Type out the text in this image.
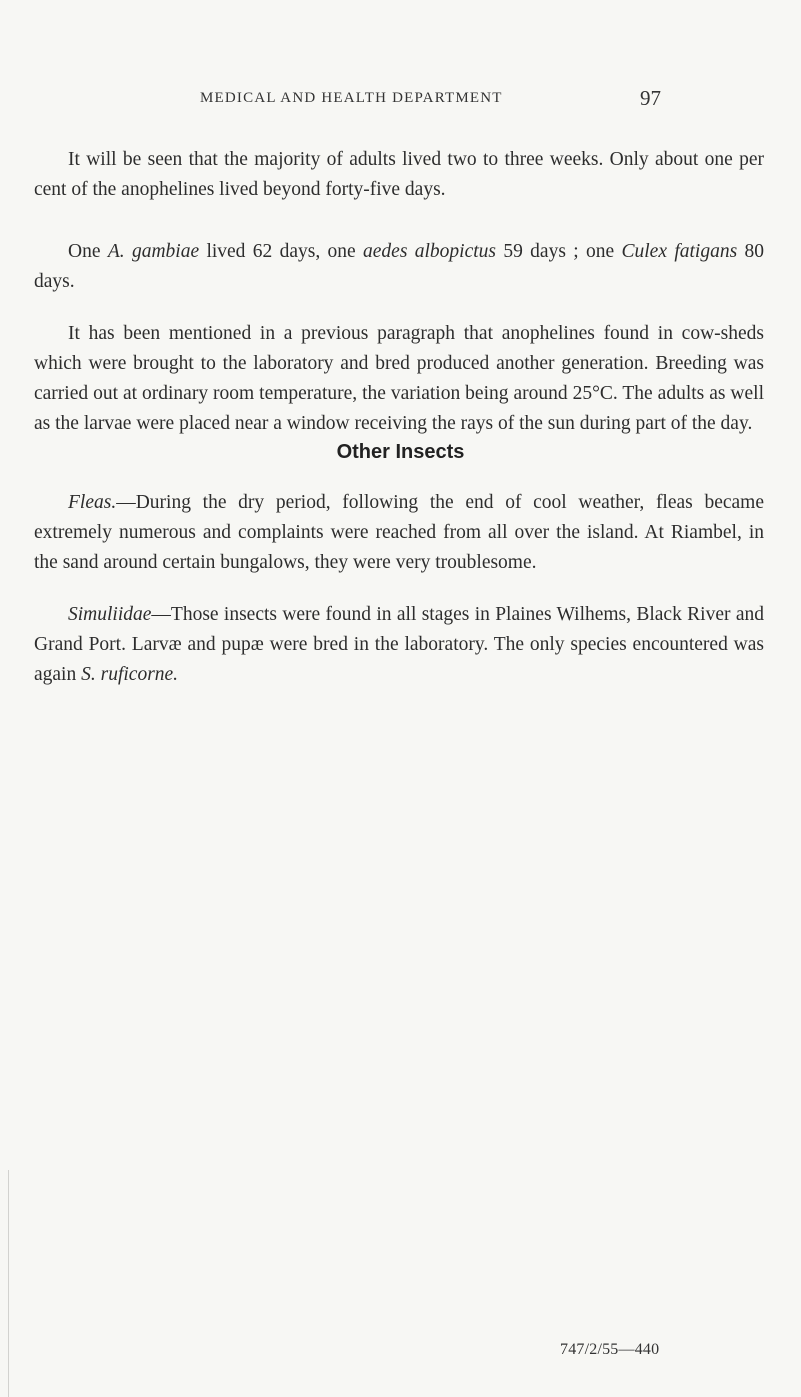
MEDICAL AND HEALTH DEPARTMENT	97

It will be seen that the majority of adults lived two to three weeks. Only about one per cent of the anophelines lived beyond forty-five days.

One A. gambiae lived 62 days, one aedes albopictus 59 days ; one Culex fatigans 80 days.

It has been mentioned in a previous paragraph that anophelines found in cow-sheds which were brought to the laboratory and bred produced another generation. Breeding was carried out at ordinary room temperature, the variation being around 25°C. The adults as well as the larvae were placed near a window receiving the rays of the sun during part of the day.

Other Insects

Fleas.—During the dry period, following the end of cool weather, fleas became extremely numerous and complaints were reached from all over the island. At Riambel, in the sand around certain bungalows, they were very troublesome.

Simuliidae—Those insects were found in all stages in Plaines Wilhems, Black River and Grand Port. Larvæ and pupæ were bred in the laboratory. The only species encountered was again S. ruficorne.

747/2/55—440
